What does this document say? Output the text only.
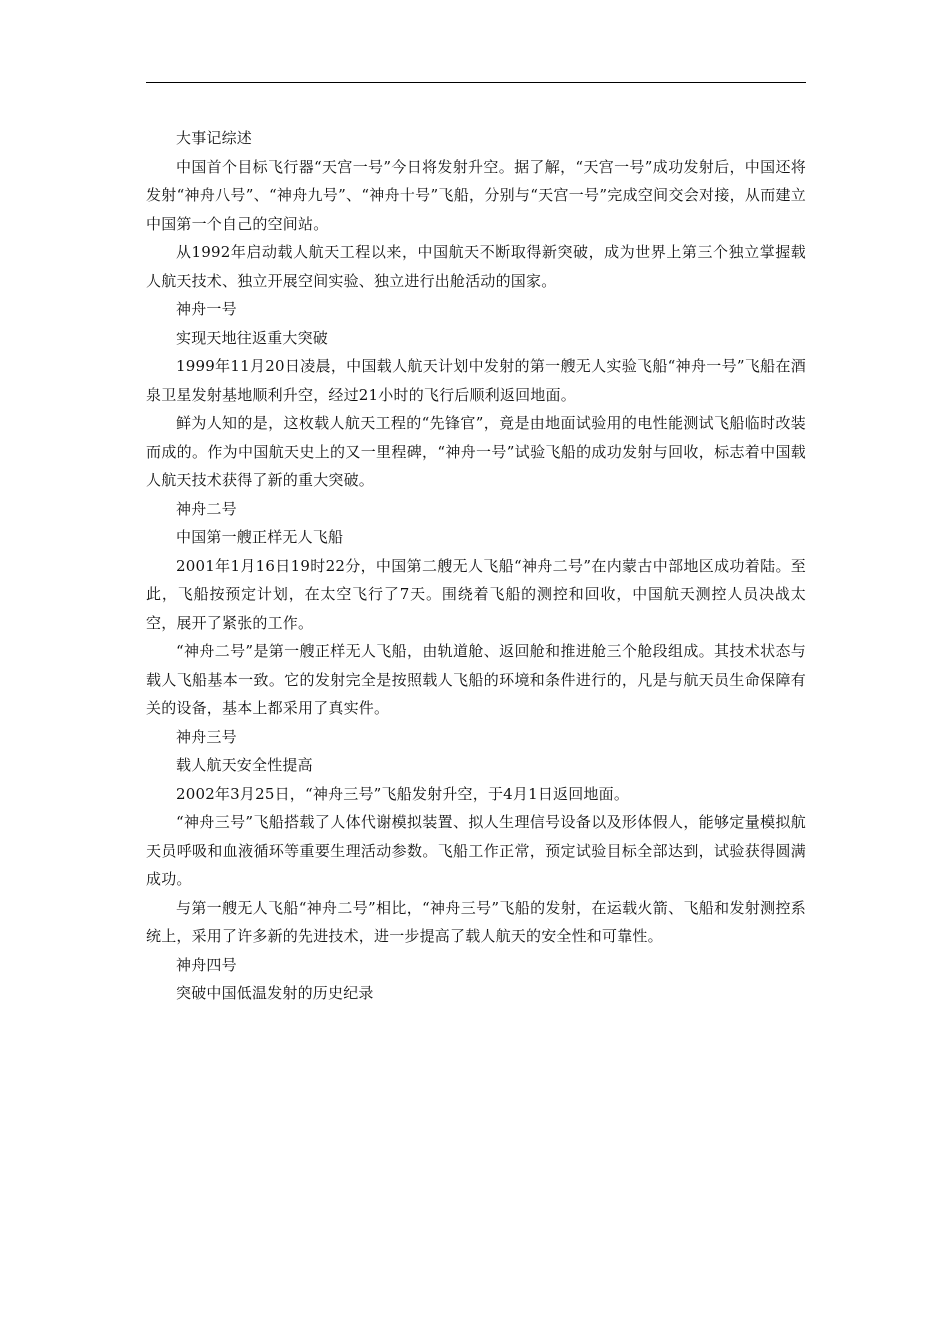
大事记综述

中国首个目标飞行器“天宫一号”今日将发射升空。据了解，“天宫一号”成功发射后，中国还将发射“神舟八号”、“神舟九号”、“神舟十号”飞船，分别与“天宫一号”完成空间交会对接，从而建立中国第一个自己的空间站。

从1992年启动载人航天工程以来，中国航天不断取得新突破，成为世界上第三个独立掌握载人航天技术、独立开展空间实验、独立进行出舱活动的国家。

神舟一号

实现天地往返重大突破

1999年11月20日凌晨，中国载人航天计划中发射的第一艘无人实验飞船“神舟一号”飞船在酒泉卫星发射基地顺利升空，经过21小时的飞行后顺利返回地面。

鲜为人知的是，这枚载人航天工程的“先锋官”，竟是由地面试验用的电性能测试飞船临时改装而成的。作为中国航天史上的又一里程碑，“神舟一号”试验飞船的成功发射与回收，标志着中国载人航天技术获得了新的重大突破。

神舟二号

中国第一艘正样无人飞船

2001年1月16日19时22分，中国第二艘无人飞船“神舟二号”在内蒙古中部地区成功着陆。至此，飞船按预定计划，在太空飞行了7天。围绕着飞船的测控和回收，中国航天测控人员决战太空，展开了紧张的工作。

“神舟二号”是第一艘正样无人飞船，由轨道舱、返回舱和推进舱三个舱段组成。其技术状态与载人飞船基本一致。它的发射完全是按照载人飞船的环境和条件进行的，凡是与航天员生命保障有关的设备，基本上都采用了真实件。

神舟三号

载人航天安全性提高

2002年3月25日，“神舟三号”飞船发射升空，于4月1日返回地面。

“神舟三号”飞船搭载了人体代谢模拟装置、拟人生理信号设备以及形体假人，能够定量模拟航天员呼吸和血液循环等重要生理活动参数。飞船工作正常，预定试验目标全部达到，试验获得圆满成功。

与第一艘无人飞船“神舟二号”相比，“神舟三号”飞船的发射，在运载火箭、飞船和发射测控系统上，采用了许多新的先进技术，进一步提高了载人航天的安全性和可靠性。

神舟四号

突破中国低温发射的历史纪录
